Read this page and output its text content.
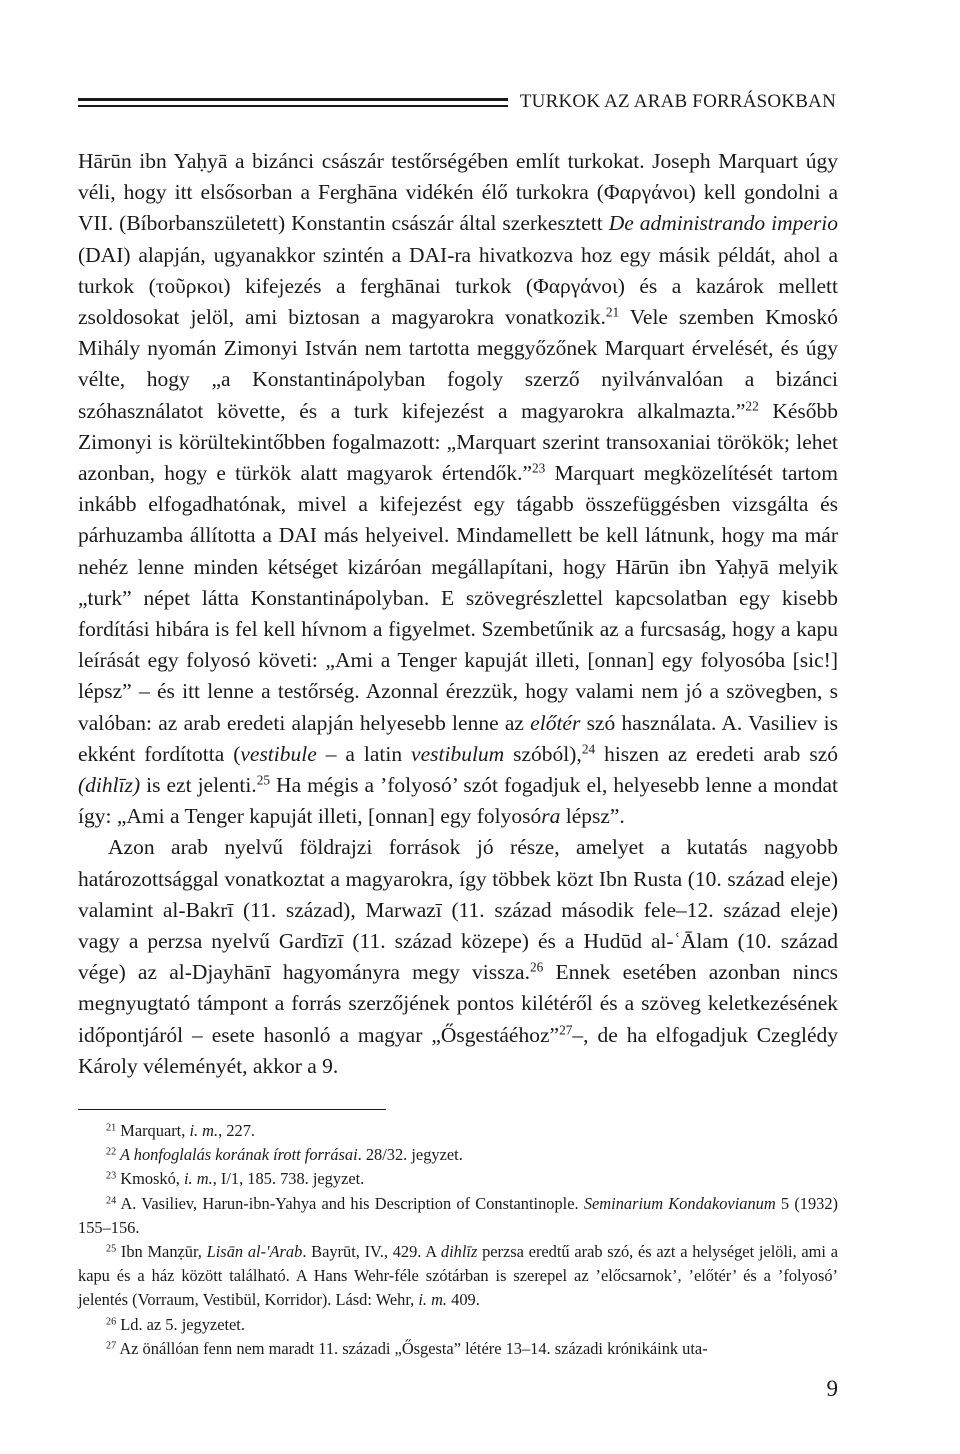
TURKOK AZ ARAB FORRÁSOKBAN

Hārūn ibn Yaḥyā a bizánci császár testőrségében említ turkokat. Joseph Marquart úgy véli, hogy itt elsősorban a Ferghāna vidékén élő turkokra (Φαργάνοι) kell gondolni a VII. (Bíborbanszületett) Konstantin császár által szerkesztett De administrando imperio (DAI) alapján, ugyanakkor szintén a DAI-ra hivatkozva hoz egy másik példát, ahol a turkok (τοῦρκοι) kifejezés a ferghānai turkok (Φαργάνοι) és a kazárok mellett zsoldosokat jelöl, ami biztosan a magyarokra vonatkozik.$^{21}$ Vele szemben Kmoskó Mihály nyomán Zimonyi István nem tartotta meggyőzőnek Marquart érvelését, és úgy vélte, hogy „a Konstantinápolyban fogoly szerző nyilvánvalóan a bizánci szóhasználatot követte, és a turk kifejezést a magyarokra alkalmazta.”$^{22}$ Később Zimonyi is körültekintőbben fogalmazott: „Marquart szerint transoxaniai törökök; lehet azonban, hogy e türkök alatt magyarok értendők.”$^{23}$ Marquart megközelítését tartom inkább elfogadhatónak, mivel a kifejezést egy tágabb összefüggésben vizsgálta és párhuzamba állította a DAI más helyeivel. Mindamellett be kell látnunk, hogy ma már nehéz lenne minden kétséget kizáróan megállapítani, hogy Hārūn ibn Yaḥyā melyik „turk” népet látta Konstantinápolyban. E szövegrészlettel kapcsolatban egy kisebb fordítási hibára is fel kell hívnom a figyelmet. Szembetűnik az a furcsaság, hogy a kapu leírását egy folyosó követi: „Ami a Tenger kapuját illeti, [onnan] egy folyosóba [sic!] lépsz” – és itt lenne a testőrség. Azonnal érezzük, hogy valami nem jó a szövegben, s valóban: az arab eredeti alapján helyesebb lenne az előtér szó használata. A. Vasiliev is ekként fordította (vestibule – a latin vestibulum szóból),$^{24}$ hiszen az eredeti arab szó (dihlīz) is ezt jelenti.$^{25}$ Ha mégis a ’folyosó’ szót fogadjuk el, helyesebb lenne a mondat így: „Ami a Tenger kapuját illeti, [onnan] egy folyosóra lépsz”.

Azon arab nyelvű földrajzi források jó része, amelyet a kutatás nagyobb határozottsággal vonatkoztat a magyarokra, így többek közt Ibn Rusta (10. század eleje) valamint al-Bakrī (11. század), Marwazī (11. század második fele–12. század eleje) vagy a perzsa nyelvű Gardīzī (11. század közepe) és a Hudūd al-ʿĀlam (10. század vége) az al-Djayhānī hagyományra megy vissza.$^{26}$ Ennek esetében azonban nincs megnyugtató támpont a forrás szerzőjének pontos kilétéről és a szöveg keletkezésének időpontjáról – esete hasonló a magyar „Ősgestáéhoz”$^{27}$–, de ha elfogadjuk Czeglédy Károly véleményét, akkor a 9.

$^{21}$ Marquart, i. m., 227.

$^{22}$ A honfoglalás korának írott forrásai. 28/32. jegyzet.

$^{23}$ Kmoskó, i. m., I/1, 185. 738. jegyzet.

$^{24}$ A. Vasiliev, Harun-ibn-Yahya and his Description of Constantinople. Seminarium Kondakovianum 5 (1932) 155–156.

$^{25}$ Ibn Manẓūr, Lisān al-'Arab. Bayrūt, IV., 429. A dihlīz perzsa eredtű arab szó, és azt a helységet jelöli, ami a kapu és a ház között található. A Hans Wehr-féle szótárban is szerepel az ’előcsarnok’, ’előtér’ és a ’folyosó’ jelentés (Vorraum, Vestibül, Korridor). Lásd: Wehr, i. m. 409.

$^{26}$ Ld. az 5. jegyzetet.

$^{27}$ Az önállóan fenn nem maradt 11. századi „Ősgesta” létére 13–14. századi krónikáink uta-

9
